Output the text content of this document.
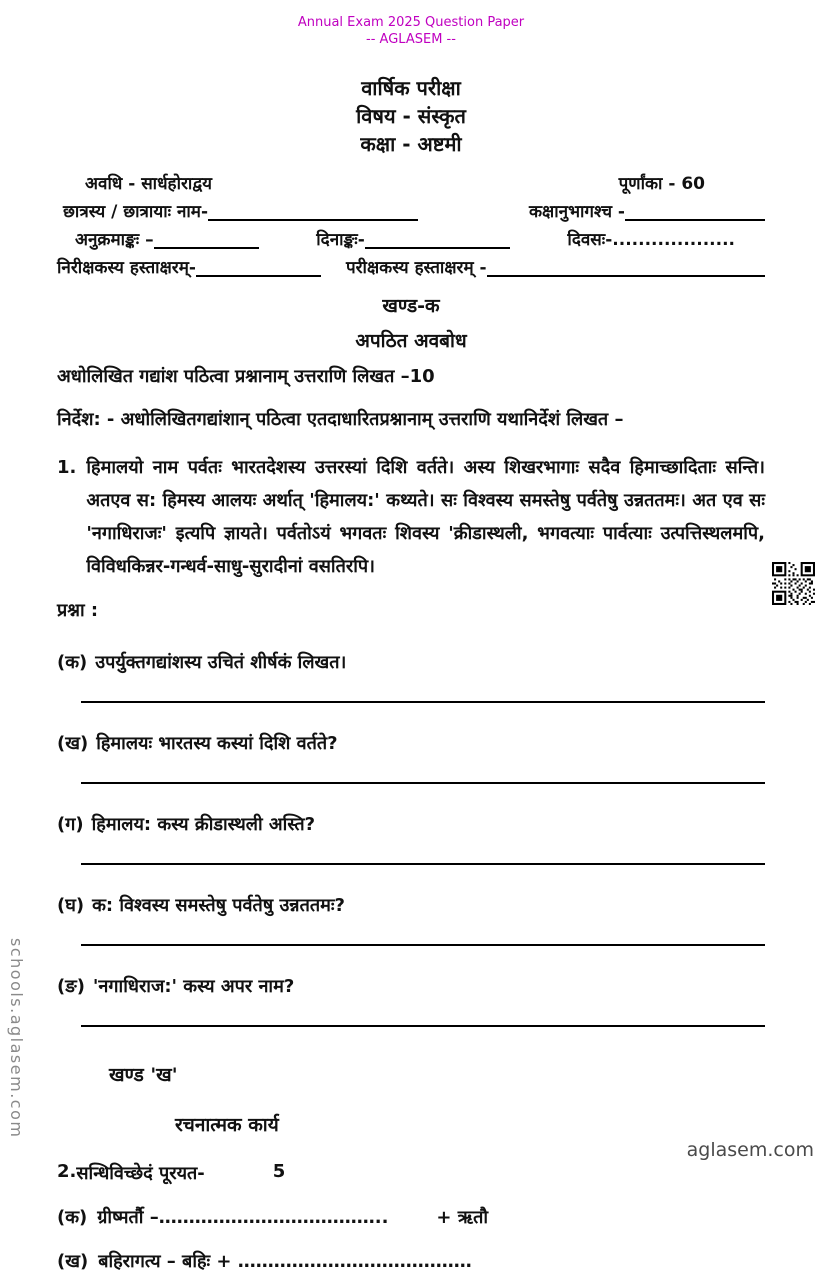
Annual Exam 2025 Question Paper
-- AGLASEM --
वार्षिक परीक्षा
विषय - संस्कृत
कक्षा - अष्टमी
अवधि - सार्धहोराद्वय	पूर्णांका - 60
छात्रस्य / छात्रायाः नाम-	कक्षानुभागश्च -
अनुक्रमाङ्कः –	दिनाङ्कः-	दिवसः-...................
निरीक्षकस्य हस्ताक्षरम्-	परीक्षकस्य हस्ताक्षरम् -
खण्ड-क
अपठित अवबोध
अधोलिखित गद्यांश पठित्वा प्रश्नानाम् उत्तराणि लिखत –10
निर्देश: - अधोलिखितगद्यांशान् पठित्वा एतदाधारितप्रश्नानाम् उत्तराणि यथानिर्देशं लिखत –
1. हिमालयो नाम पर्वतः भारतदेशस्य उत्तरस्यां दिशि वर्तते। अस्य शिखरभागाः सदैव हिमाच्छादिताः सन्ति। अतएव स: हिमस्य आलयः अर्थात् 'हिमालय:' कथ्यते। सः विश्वस्य समस्तेषु पर्वतेषु उन्नततमः। अत एव सः 'नगाधिराजः' इत्यपि ज्ञायते। पर्वतोऽयं भगवतः शिवस्य 'क्रीडास्थली, भगवत्याः पार्वत्याः उत्पत्तिस्थलमपि, विविधकिन्नर-गन्धर्व-साधु-सुरादीनां वसतिरपि।
प्रश्ना :
(क) उपर्युक्तगद्यांशस्य उचितं शीर्षकं लिखत।
(ख) हिमालयः भारतस्य कस्यां दिशि वर्तते?
(ग) हिमालय: कस्य क्रीडास्थली अस्ति?
(घ) क: विश्वस्य समस्तेषु पर्वतेषु उन्नततमः?
(ङ) 'नगाधिराज:' कस्य अपर नाम?
खण्ड 'ख'
रचनात्मक कार्य
2. सन्धिविच्छेदं पूरयत-	5
(क) ग्रीष्मर्तौ –………………………………..	+ ऋतौ
(ख) बहिरागत्य – बहिः + …………………………………
schools.aglasem.com
aglasem.com
